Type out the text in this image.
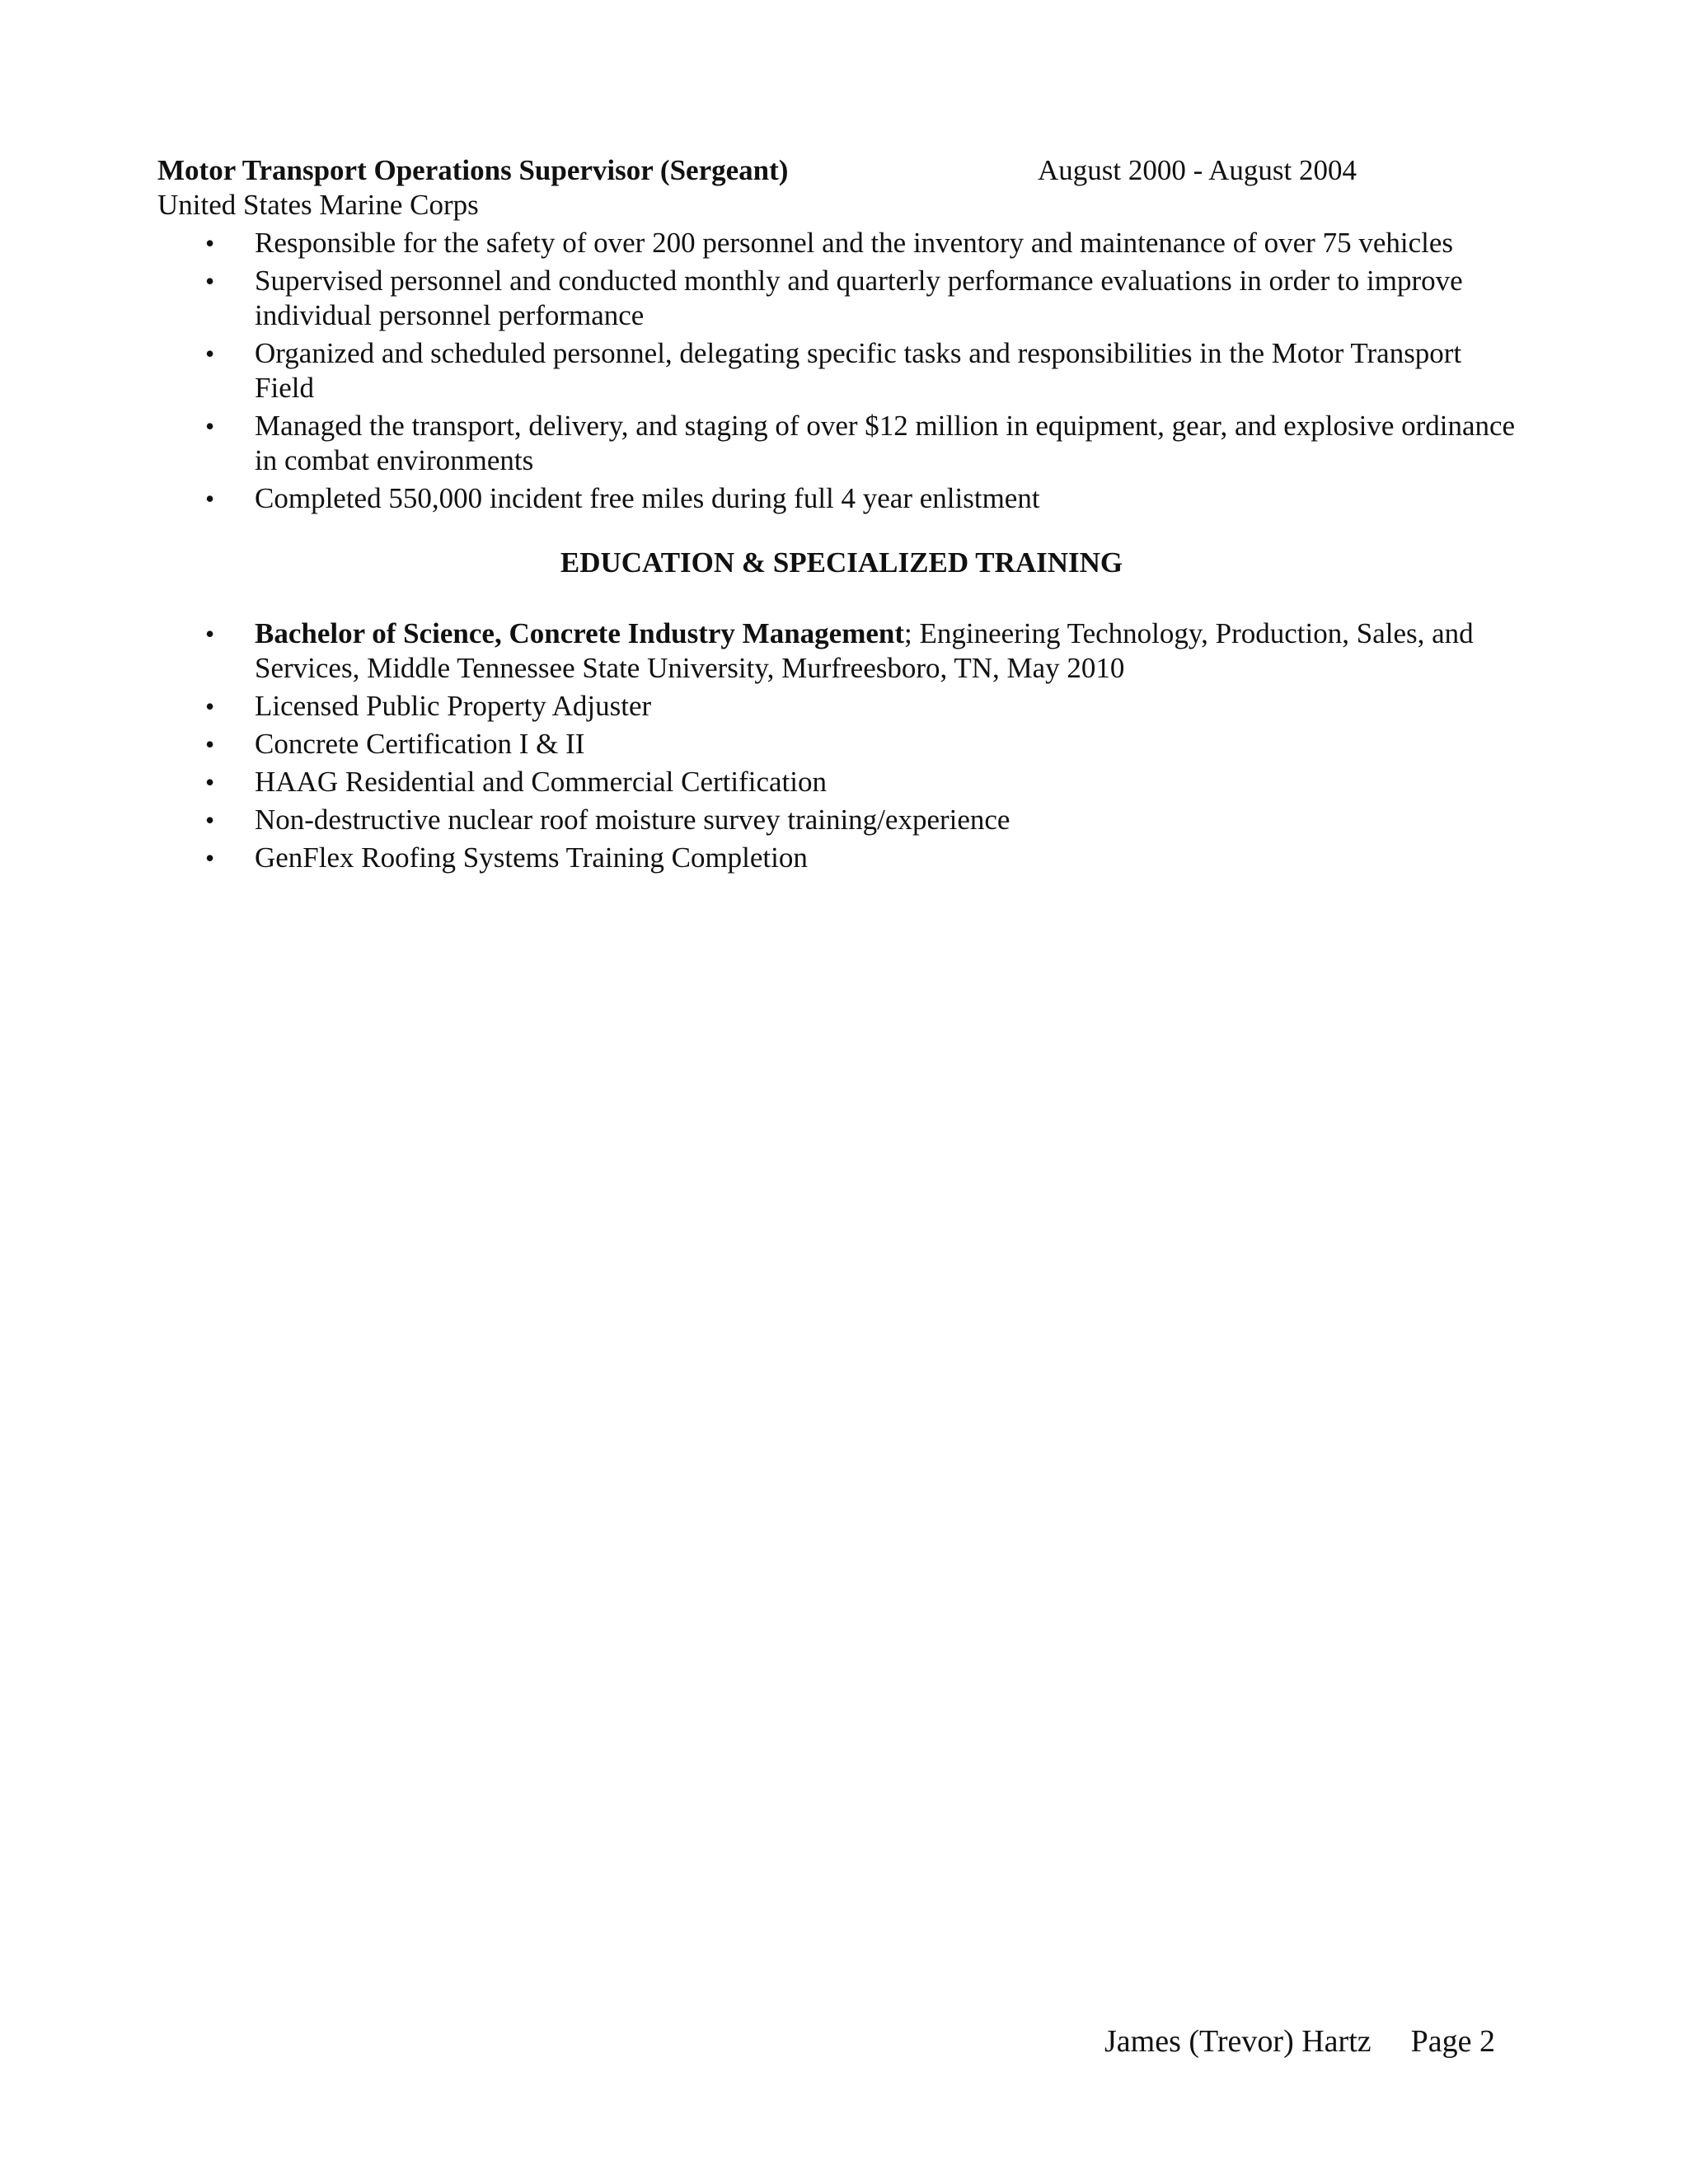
Motor Transport Operations Supervisor (Sergeant)	August 2000 - August 2004
United States Marine Corps
• Responsible for the safety of over 200 personnel and the inventory and maintenance of over 75 vehicles
• Supervised personnel and conducted monthly and quarterly performance evaluations in order to improve individual personnel performance
• Organized and scheduled personnel, delegating specific tasks and responsibilities in the Motor Transport Field
• Managed the transport, delivery, and staging of over $12 million in equipment, gear, and explosive ordinance in combat environments
• Completed 550,000 incident free miles during full 4 year enlistment
EDUCATION & SPECIALIZED TRAINING
• Bachelor of Science, Concrete Industry Management; Engineering Technology, Production, Sales, and Services, Middle Tennessee State University, Murfreesboro, TN, May 2010
• Licensed Public Property Adjuster
• Concrete Certification I & II
• HAAG Residential and Commercial Certification
• Non-destructive nuclear roof moisture survey training/experience
• GenFlex Roofing Systems Training Completion
James (Trevor) Hartz Page 2
